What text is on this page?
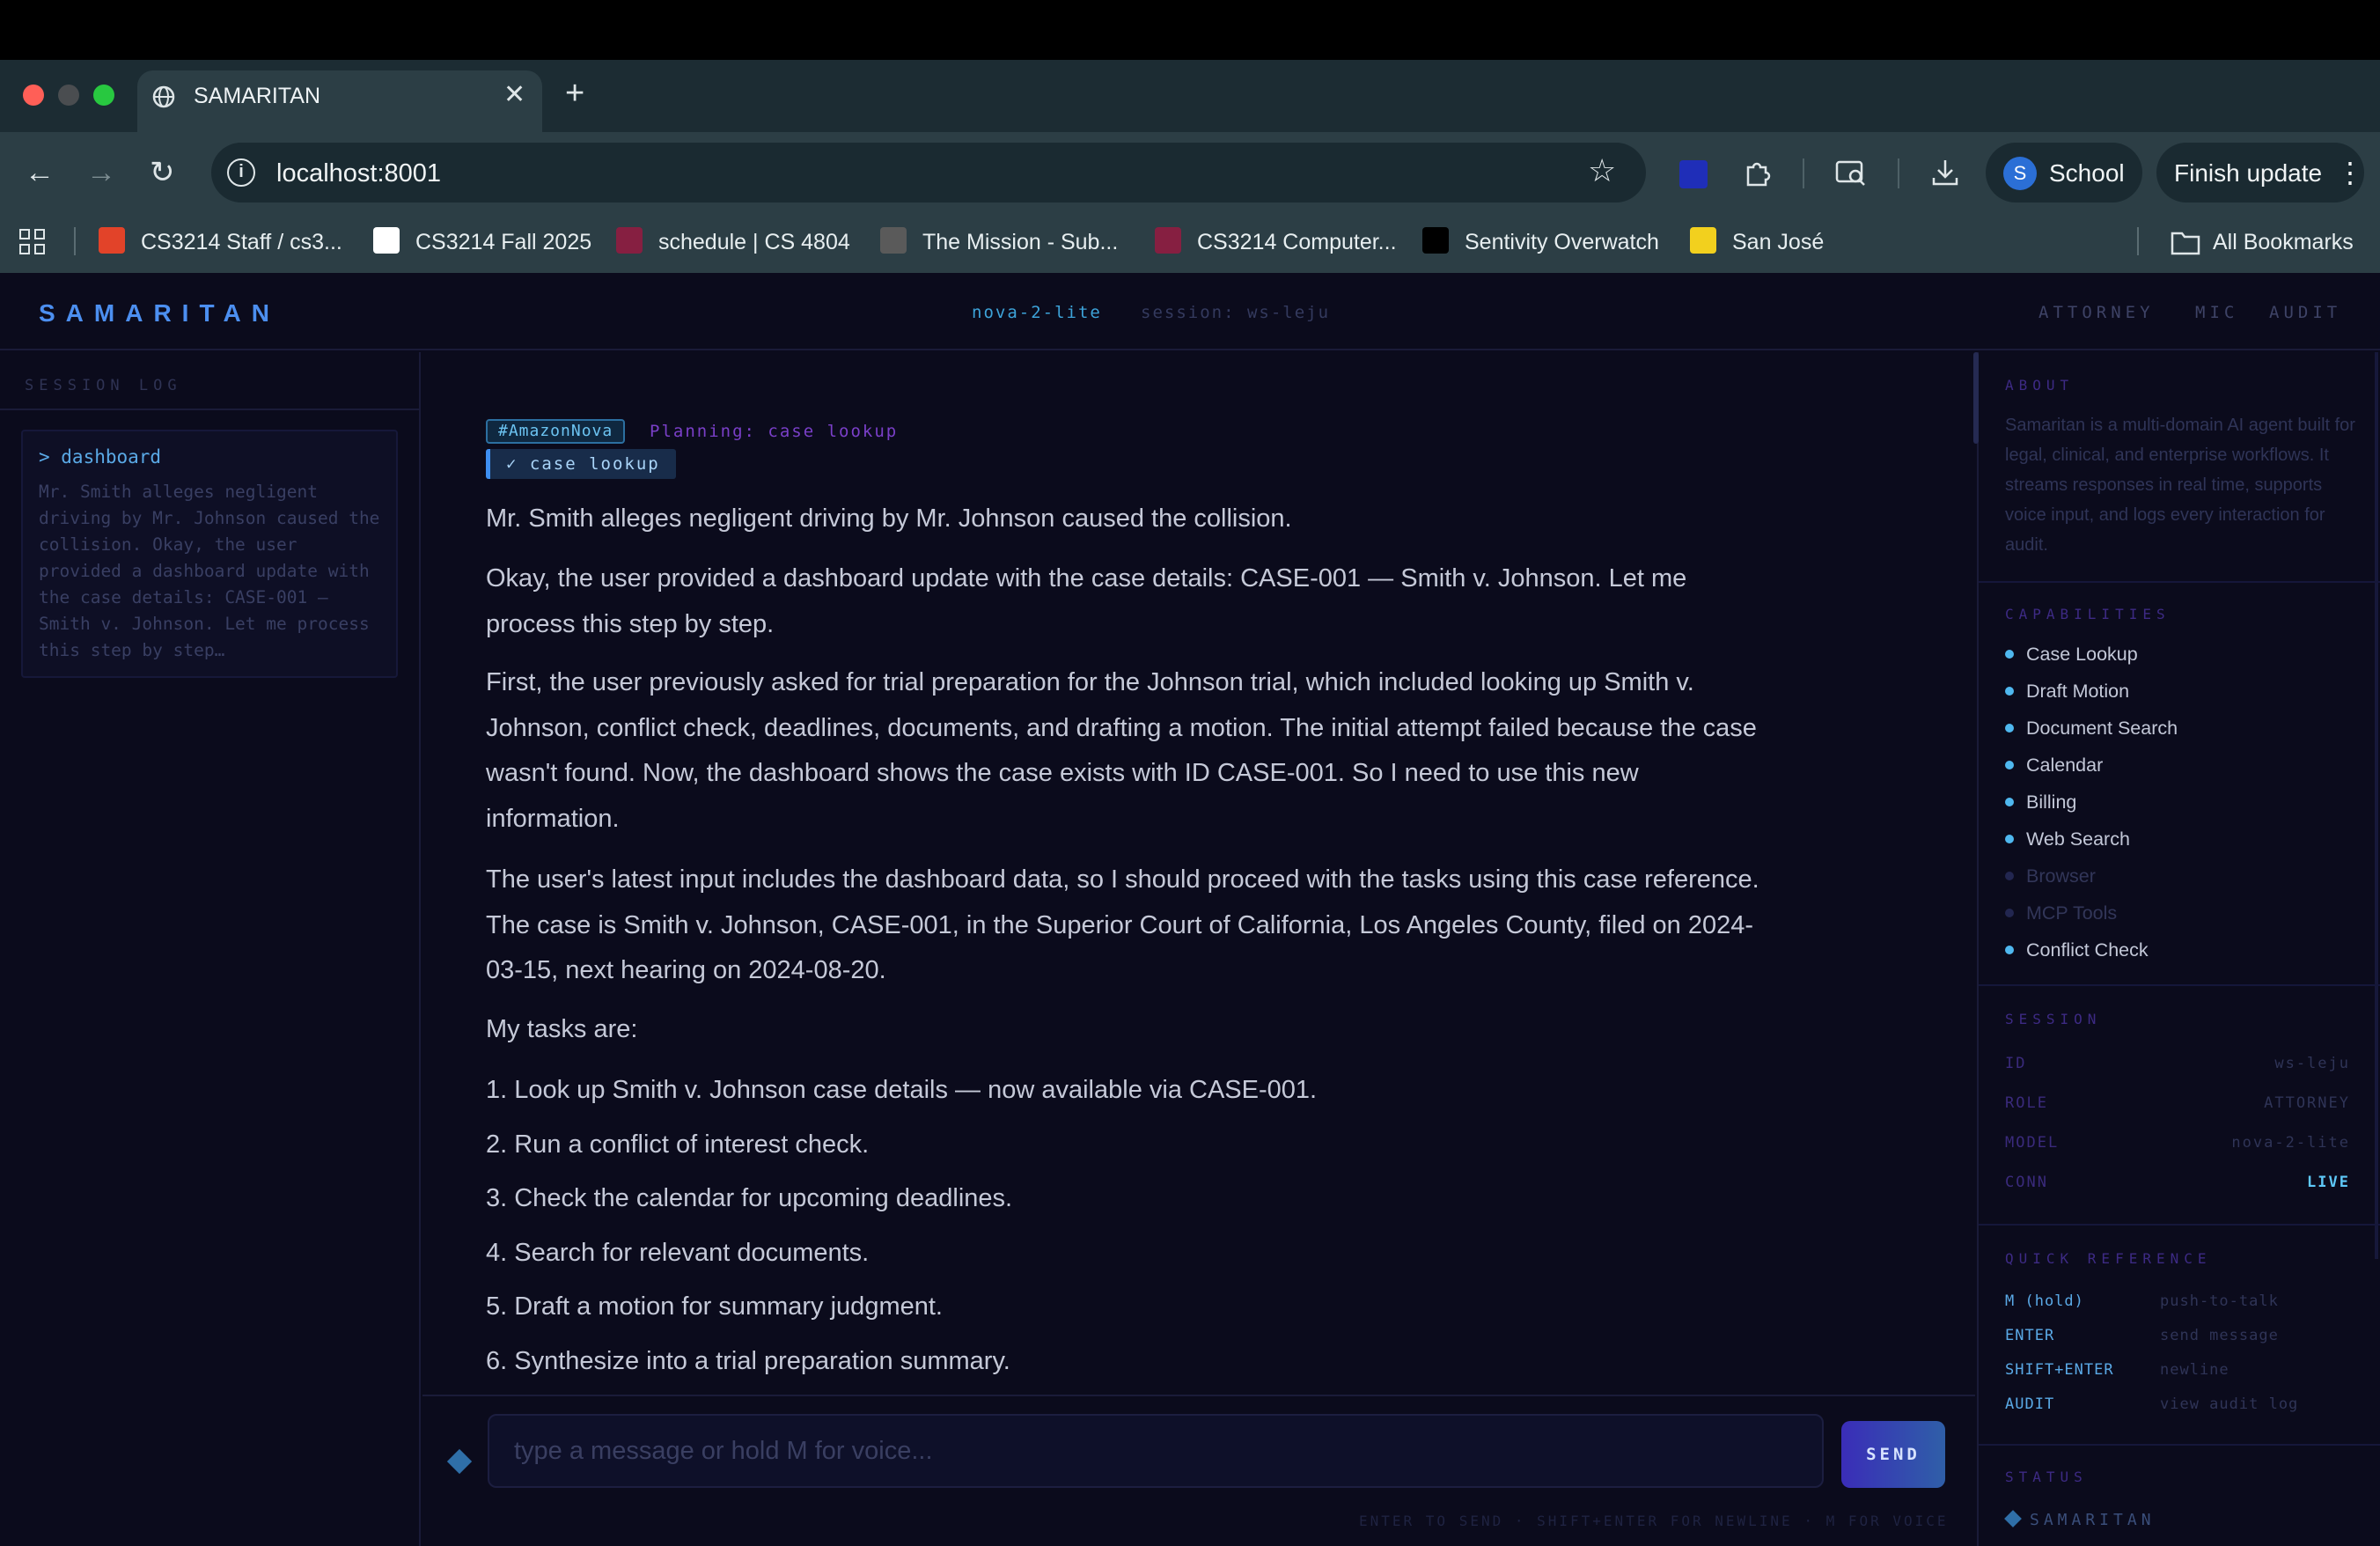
SAMARITAN	✕ +
← → ↻	i	localhost:8001	☆	S School Finish update ⋮
CS3214 Staff / cs3...	CS3214 Fall 2025	schedule | CS 4804	The Mission - Sub...	CS3214 Computer...	Sentivity Overwatch	San José	All Bookmarks
SAMARITAN	nova-2-lite session: ws-leju	ATTORNEY MIC AUDIT
SESSION LOG
> dashboard
Mr. Smith alleges negligent driving by Mr. Johnson caused the collision. Okay, the user provided a dashboard update with the case details: CASE-001 — Smith v. Johnson. Let me process this step by step…
#AmazonNova	Planning: case lookup
✓ case lookup
Mr. Smith alleges negligent driving by Mr. Johnson caused the collision.
Okay, the user provided a dashboard update with the case details: CASE-001 — Smith v. Johnson. Let me process this step by step.
First, the user previously asked for trial preparation for the Johnson trial, which included looking up Smith v. Johnson, conflict check, deadlines, documents, and drafting a motion. The initial attempt failed because the case wasn't found. Now, the dashboard shows the case exists with ID CASE-001. So I need to use this new information.
The user's latest input includes the dashboard data, so I should proceed with the tasks using this case reference. The case is Smith v. Johnson, CASE-001, in the Superior Court of California, Los Angeles County, filed on 2024-03-15, next hearing on 2024-08-20.
My tasks are:
1. Look up Smith v. Johnson case details — now available via CASE-001.
2. Run a conflict of interest check.
3. Check the calendar for upcoming deadlines.
4. Search for relevant documents.
5. Draft a motion for summary judgment.
6. Synthesize into a trial preparation summary.
type a message or hold M for voice...
SEND
ENTER TO SEND · SHIFT+ENTER FOR NEWLINE · M FOR VOICE
ABOUT
Samaritan is a multi-domain AI agent built for legal, clinical, and enterprise workflows. It streams responses in real time, supports voice input, and logs every interaction for audit.
CAPABILITIES
Case Lookup
Draft Motion
Document Search
Calendar
Billing
Web Search
Browser
MCP Tools
Conflict Check
SESSION
ID	ws-leju
ROLE	ATTORNEY
MODEL	nova-2-lite
CONN	LIVE
QUICK REFERENCE
M (hold)	push-to-talk
ENTER	send message
SHIFT+ENTER	newline
AUDIT	view audit log
STATUS
SAMARITAN
